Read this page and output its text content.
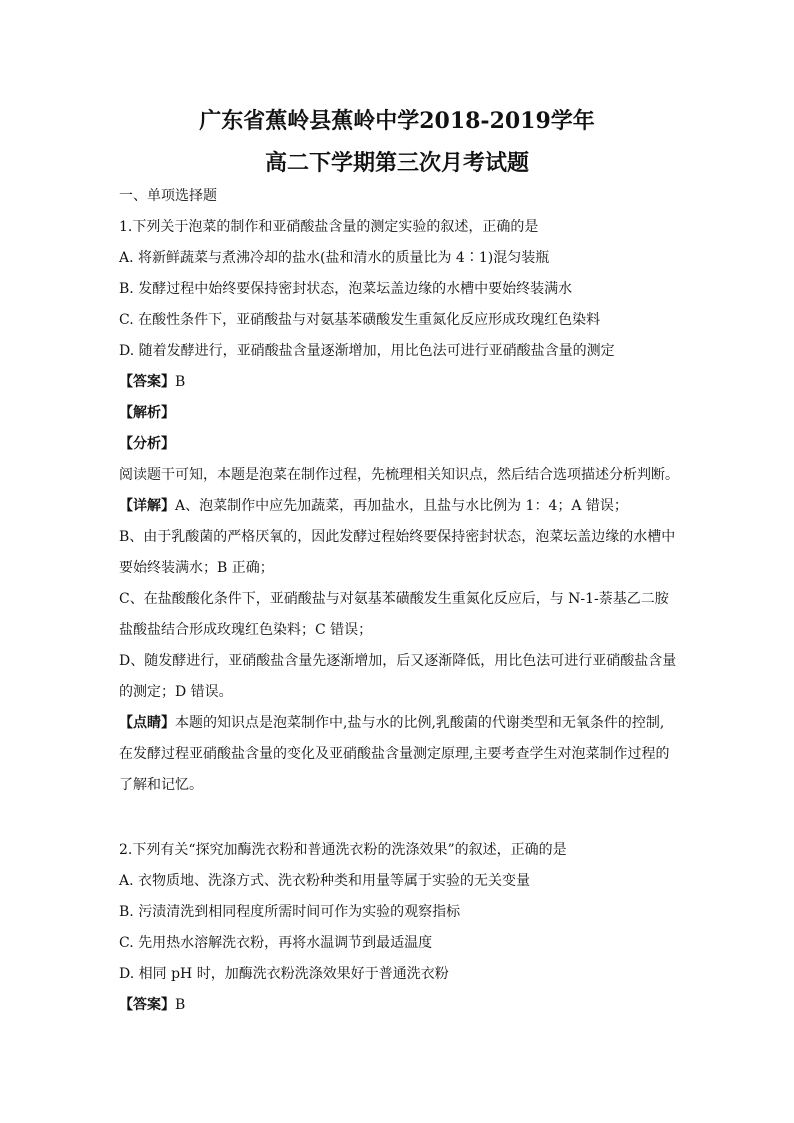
广东省蕉岭县蕉岭中学2018-2019学年
高二下学期第三次月考试题
一、单项选择题
1.下列关于泡菜的制作和亚硝酸盐含量的测定实验的叙述，正确的是
A. 将新鲜蔬菜与煮沸冷却的盐水(盐和清水的质量比为 4∶1)混匀装瓶
B. 发酵过程中始终要保持密封状态，泡菜坛盖边缘的水槽中要始终装满水
C. 在酸性条件下，亚硝酸盐与对氨基苯磺酸发生重氮化反应形成玫瑰红色染料
D. 随着发酵进行，亚硝酸盐含量逐渐增加，用比色法可进行亚硝酸盐含量的测定
【答案】B
【解析】
【分析】
阅读题干可知，本题是泡菜在制作过程，先梳理相关知识点，然后结合选项描述分析判断。
【详解】A、泡菜制作中应先加蔬菜，再加盐水，且盐与水比例为 1：4；A 错误；
B、由于乳酸菌的严格厌氧的，因此发酵过程始终要保持密封状态，泡菜坛盖边缘的水槽中
要始终装满水；B 正确；
C、在盐酸酸化条件下，亚硝酸盐与对氨基苯磺酸发生重氮化反应后，与 N-1-萘基乙二胺
盐酸盐结合形成玫瑰红色染料；C 错误；
D、随发酵进行，亚硝酸盐含量先逐渐增加，后又逐渐降低，用比色法可进行亚硝酸盐含量
的测定；D 错误。
【点睛】本题的知识点是泡菜制作中,盐与水的比例,乳酸菌的代谢类型和无氧条件的控制,
在发酵过程亚硝酸盐含量的变化及亚硝酸盐含量测定原理,主要考查学生对泡菜制作过程的
了解和记忆。
2.下列有关“探究加酶洗衣粉和普通洗衣粉的洗涤效果”的叙述，正确的是
A. 衣物质地、洗涤方式、洗衣粉种类和用量等属于实验的无关变量
B. 污渍清洗到相同程度所需时间可作为实验的观察指标
C. 先用热水溶解洗衣粉，再将水温调节到最适温度
D. 相同 pH 时，加酶洗衣粉洗涤效果好于普通洗衣粉
【答案】B
